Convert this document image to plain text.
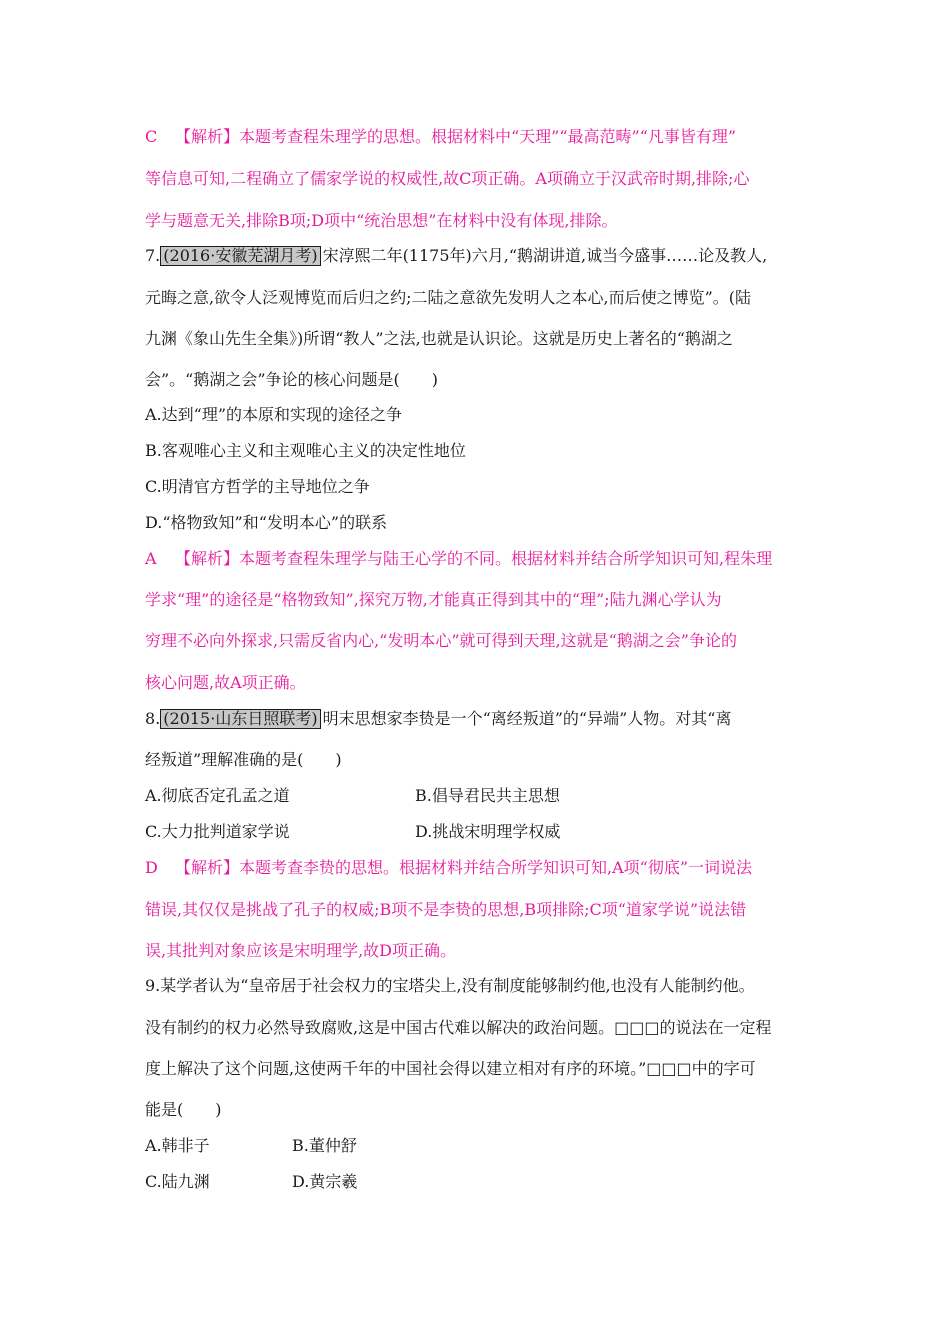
C 【解析】本题考查程朱理学的思想。根据材料中“天理”“最高范畴”“凡事皆有理”
等信息可知,二程确立了儒家学说的权威性,故C项正确。A项确立于汉武帝时期,排除;心
学与题意无关,排除B项;D项中“统治思想”在材料中没有体现,排除。
7. (2016·安徽芜湖月考) 宋淳熙二年(1175年)六月,“鹅湖讲道,诚当今盛事……论及教人,
元晦之意,欲令人泛观博览而后归之约;二陆之意欲先发明人之本心,而后使之博览”。(陆
九渊《象山先生全集》)所谓“教人”之法,也就是认识论。这就是历史上著名的“鹅湖之
会”。“鹅湖之会”争论的核心问题是(　　)
A.达到“理”的本原和实现的途径之争
B.客观唯心主义和主观唯心主义的决定性地位
C.明清官方哲学的主导地位之争
D.“格物致知”和“发明本心”的联系
A 【解析】本题考查程朱理学与陆王心学的不同。根据材料并结合所学知识可知,程朱理
学求“理”的途径是“格物致知”,探究万物,才能真正得到其中的“理”;陆九渊心学认为
穷理不必向外探求,只需反省内心,“发明本心”就可得到天理,这就是“鹅湖之会”争论的
核心问题,故A项正确。
8. (2015·山东日照联考) 明末思想家李贽是一个“离经叛道”的“异端”人物。对其“离
经叛道”理解准确的是(　　)
A.彻底否定孔孟之道	B.倡导君民共主思想
C.大力批判道家学说	D.挑战宋明理学权威
D 【解析】本题考查李贽的思想。根据材料并结合所学知识可知,A项“彻底”一词说法
错误,其仅仅是挑战了孔子的权威;B项不是李贽的思想,B项排除;C项“道家学说”说法错
误,其批判对象应该是宋明理学,故D项正确。
9.某学者认为“皇帝居于社会权力的宝塔尖上,没有制度能够制约他,也没有人能制约他。
没有制约的权力必然导致腐败,这是中国古代难以解决的政治问题。□□□的说法在一定程
度上解决了这个问题,这使两千年的中国社会得以建立相对有序的环境。”□□□中的字可
能是(　　)
A.韩非子	B.董仲舒
C.陆九渊	D.黄宗羲
